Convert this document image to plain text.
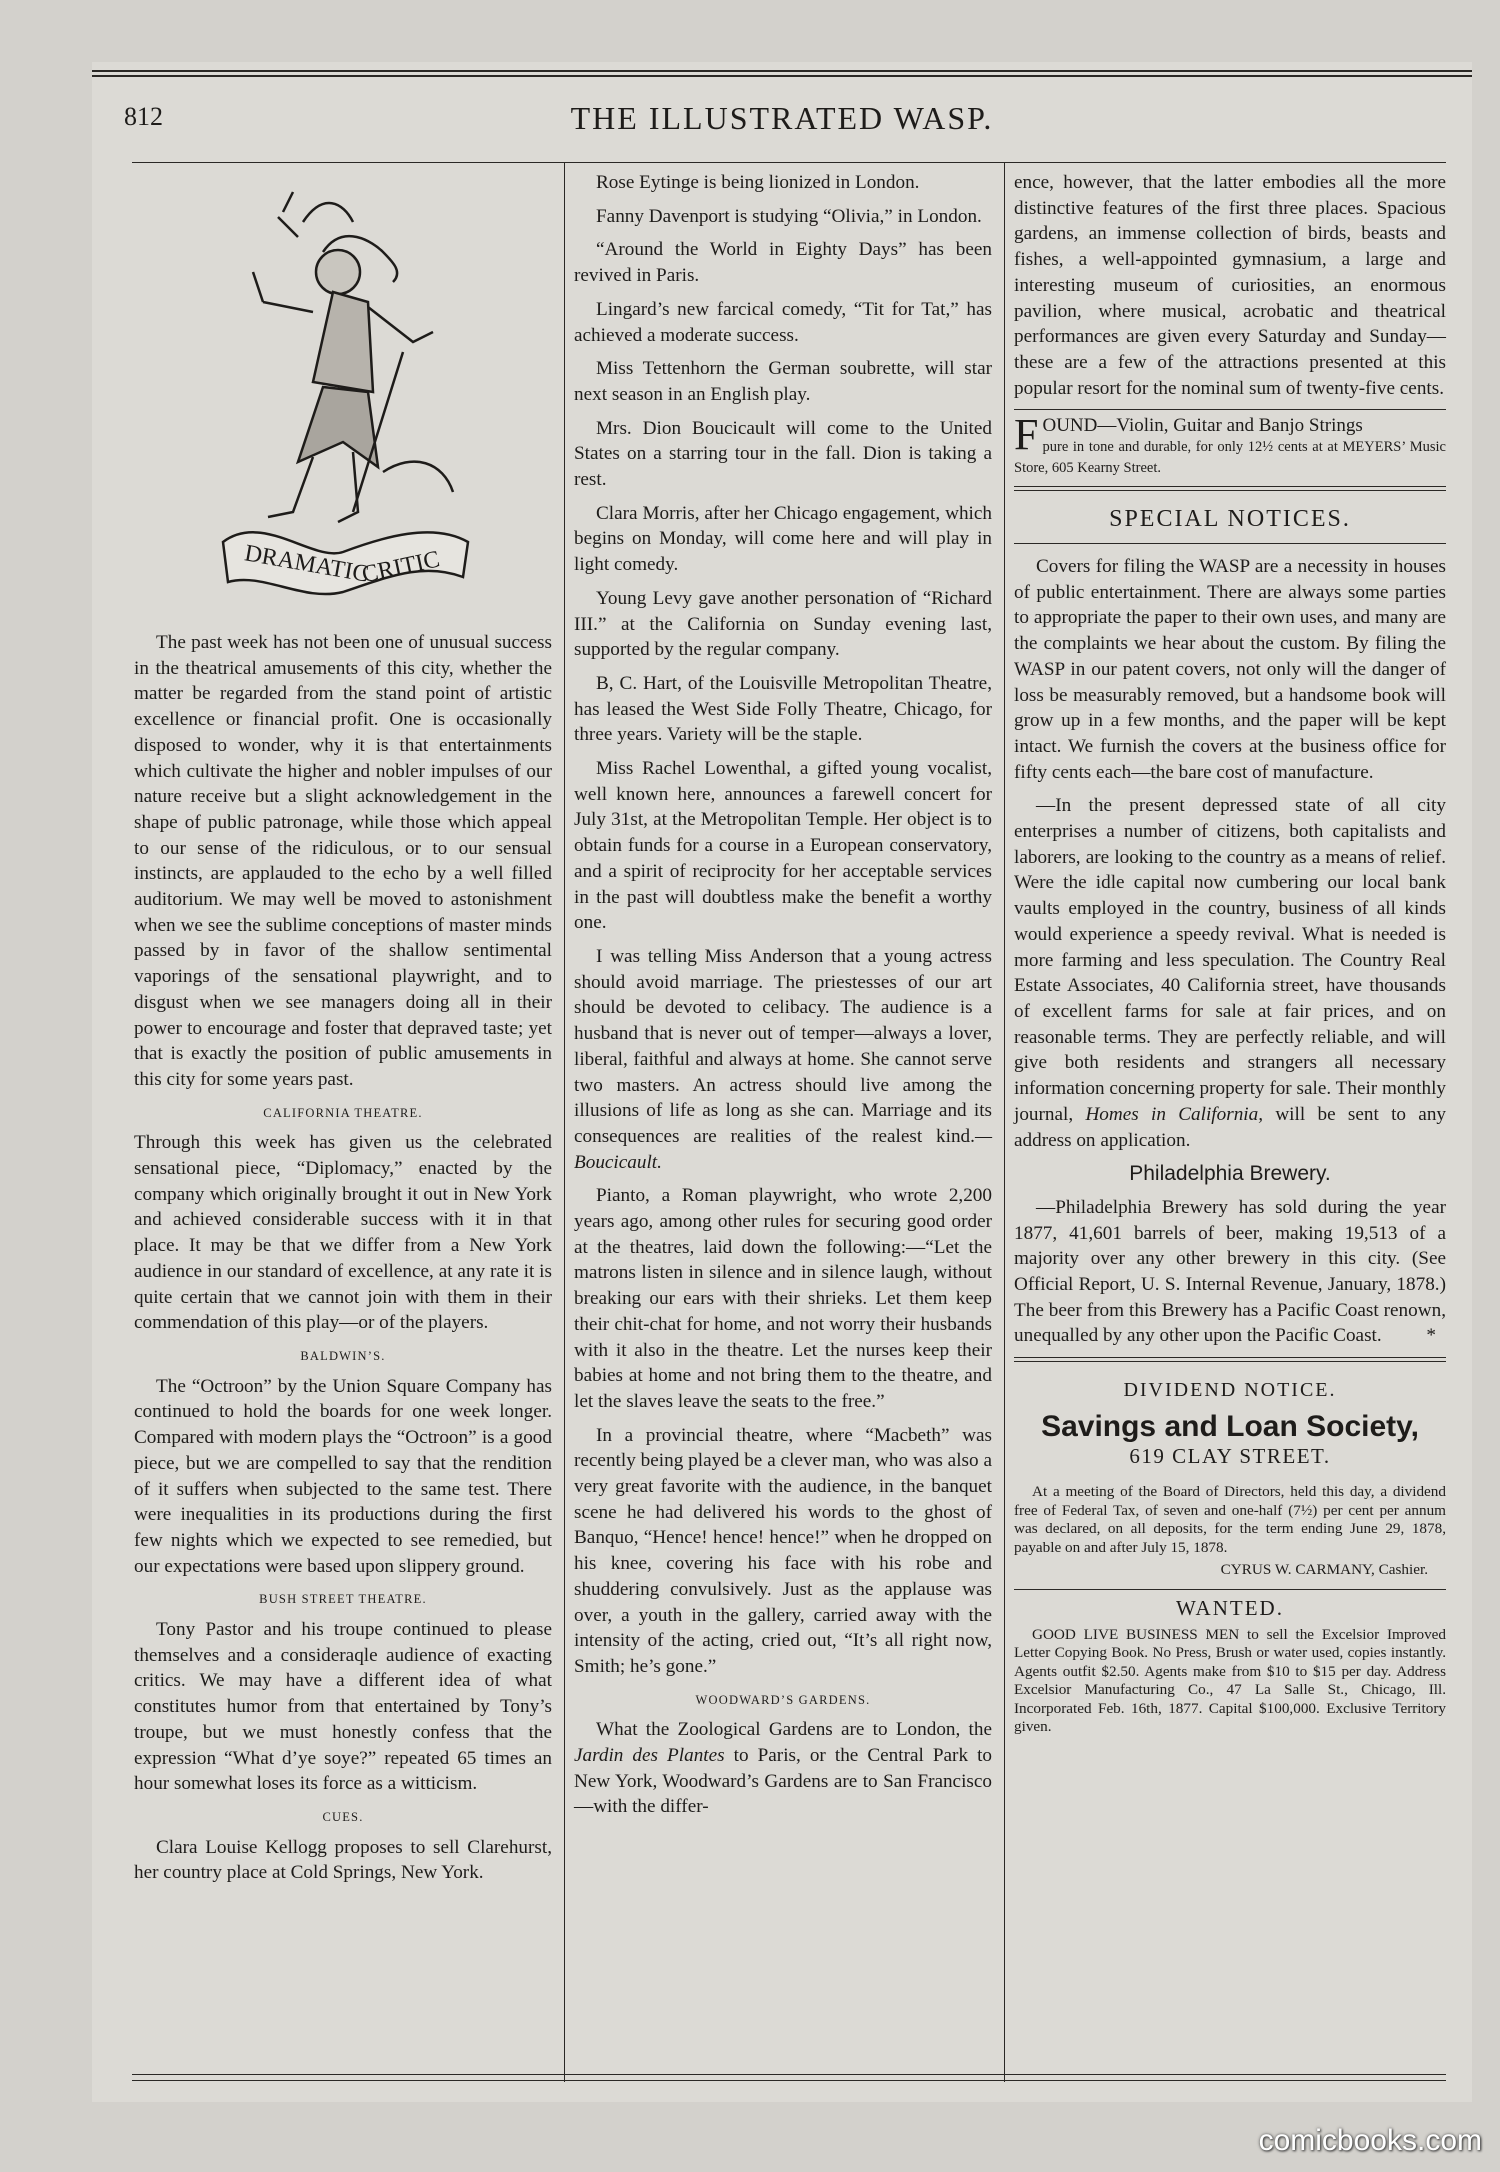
812	THE ILLUSTRATED WASP.
DRAMATIC
CRITIC

The past week has not been one of unusual success in the theatrical amusements of this city, whether the matter be regarded from the stand point of artistic excellence or financial profit. One is occasionally disposed to wonder, why it is that entertainments which cultivate the higher and nobler impulses of our nature receive but a slight acknowledgement in the shape of public patronage, while those which appeal to our sense of the ridiculous, or to our sensual instincts, are applauded to the echo by a well filled auditorium. We may well be moved to astonishment when we see the sublime conceptions of master minds passed by in favor of the shallow sentimental vaporings of the sensational playwright, and to disgust when we see managers doing all in their power to encourage and foster that depraved taste; yet that is exactly the position of public amusements in this city for some years past.

CALIFORNIA THEATRE.

Through this week has given us the celebrated sensational piece, “Diplomacy,” enacted by the company which originally brought it out in New York and achieved considerable success with it in that place. It may be that we differ from a New York audience in our standard of excellence, at any rate it is quite certain that we cannot join with them in their commendation of this play—or of the players.

BALDWIN’S.

The “Octroon” by the Union Square Company has continued to hold the boards for one week longer. Compared with modern plays the “Octroon” is a good piece, but we are compelled to say that the rendition of it suffers when subjected to the same test. There were inequalities in its productions during the first few nights which we expected to see remedied, but our expectations were based upon slippery ground.

BUSH STREET THEATRE.

Tony Pastor and his troupe continued to please themselves and a consideraqle audience of exacting critics. We may have a different idea of what constitutes humor from that entertained by Tony’s troupe, but we must honestly confess that the expression “What d’ye soye?” repeated 65 times an hour somewhat loses its force as a witticism.

CUES.

Clara Louise Kellogg proposes to sell Clarehurst, her country place at Cold Springs, New York.

Rose Eytinge is being lionized in London.

Fanny Davenport is studying “Olivia,” in London.

“Around the World in Eighty Days” has been revived in Paris.

Lingard’s new farcical comedy, “Tit for Tat,” has achieved a moderate success.

Miss Tettenhorn the German soubrette, will star next season in an English play.

Mrs. Dion Boucicault will come to the United States on a starring tour in the fall. Dion is taking a rest.

Clara Morris, after her Chicago engagement, which begins on Monday, will come here and will play in light comedy.

Young Levy gave another personation of “Richard III.” at the California on Sunday evening last, supported by the regular company.

B, C. Hart, of the Louisville Metropolitan Theatre, has leased the West Side Folly Theatre, Chicago, for three years. Variety will be the staple.

Miss Rachel Lowenthal, a gifted young vocalist, well known here, announces a farewell concert for July 31st, at the Metropolitan Temple. Her object is to obtain funds for a course in a European conservatory, and a spirit of reciprocity for her acceptable services in the past will doubtless make the benefit a worthy one.

I was telling Miss Anderson that a young actress should avoid marriage. The priestesses of our art should be devoted to celibacy. The audience is a husband that is never out of temper—always a lover, liberal, faithful and always at home. She cannot serve two masters. An actress should live among the illusions of life as long as she can. Marriage and its consequences are realities of the realest kind.—Boucicault.

Pianto, a Roman playwright, who wrote 2,200 years ago, among other rules for securing good order at the theatres, laid down the following:—“Let the matrons listen in silence and in silence laugh, without breaking our ears with their shrieks. Let them keep their chit-chat for home, and not worry their husbands with it also in the theatre. Let the nurses keep their babies at home and not bring them to the theatre, and let the slaves leave the seats to the free.”

In a provincial theatre, where “Macbeth” was recently being played be a clever man, who was also a very great favorite with the audience, in the banquet scene he had delivered his words to the ghost of Banquo, “Hence! hence! hence!” when he dropped on his knee, covering his face with his robe and shuddering convulsively. Just as the applause was over, a youth in the gallery, carried away with the intensity of the acting, cried out, “It’s all right now, Smith; he’s gone.”

WOODWARD’S GARDENS.

What the Zoological Gardens are to London, the Jardin des Plantes to Paris, or the Central Park to New York, Woodward’s Gardens are to San Francisco—with the differ-

ence, however, that the latter embodies all the more distinctive features of the first three places. Spacious gardens, an immense collection of birds, beasts and fishes, a well-appointed gymnasium, a large and interesting museum of curiosities, an enormous pavilion, where musical, acrobatic and theatrical performances are given every Saturday and Sunday—these are a few of the attractions presented at this popular resort for the nominal sum of twenty-five cents.

F OUND—Violin, Guitar and Banjo Strings
pure in tone and durable, for only 12½ cents at at MEYERS’ Music Store, 605 Kearny Street.
SPECIAL NOTICES.

Covers for filing the WASP are a necessity in houses of public entertainment. There are always some parties to appropriate the paper to their own uses, and many are the complaints we hear about the custom. By filing the WASP in our patent covers, not only will the danger of loss be measurably removed, but a handsome book will grow up in a few months, and the paper will be kept intact. We furnish the covers at the business office for fifty cents each—the bare cost of manufacture.

—In the present depressed state of all city enterprises a number of citizens, both capitalists and laborers, are looking to the country as a means of relief. Were the idle capital now cumbering our local bank vaults employed in the country, business of all kinds would experience a speedy revival. What is needed is more farming and less speculation. The Country Real Estate Associates, 40 California street, have thousands of excellent farms for sale at fair prices, and on reasonable terms. They are perfectly reliable, and will give both residents and strangers all necessary information concerning property for sale. Their monthly journal, Homes in California, will be sent to any address on application.

Philadelphia Brewery.

—Philadelphia Brewery has sold during the year 1877, 41,601 barrels of beer, making 19,513 of a majority over any other brewery in this city. (See Official Report, U. S. Internal Revenue, January, 1878.) The beer from this Brewery has a Pacific Coast renown, unequalled by any other upon the Pacific Coast.	*

DIVIDEND NOTICE.
Savings and Loan Society,
619 CLAY STREET.
At a meeting of the Board of Directors, held this day, a dividend free of Federal Tax, of seven and one-half (7½) per cent per annum was declared, on all deposits, for the term ending June 29, 1878, payable on and after July 15, 1878.
CYRUS W. CARMANY, Cashier.
WANTED.
GOOD LIVE BUSINESS MEN to sell the Excelsior Improved Letter Copying Book. No Press, Brush or water used, copies instantly. Agents outfit $2.50. Agents make from $10 to $15 per day. Address Excelsior Manufacturing Co., 47 La Salle St., Chicago, Ill. Incorporated Feb. 16th, 1877. Capital $100,000. Exclusive Territory given.
comicbooks.com
